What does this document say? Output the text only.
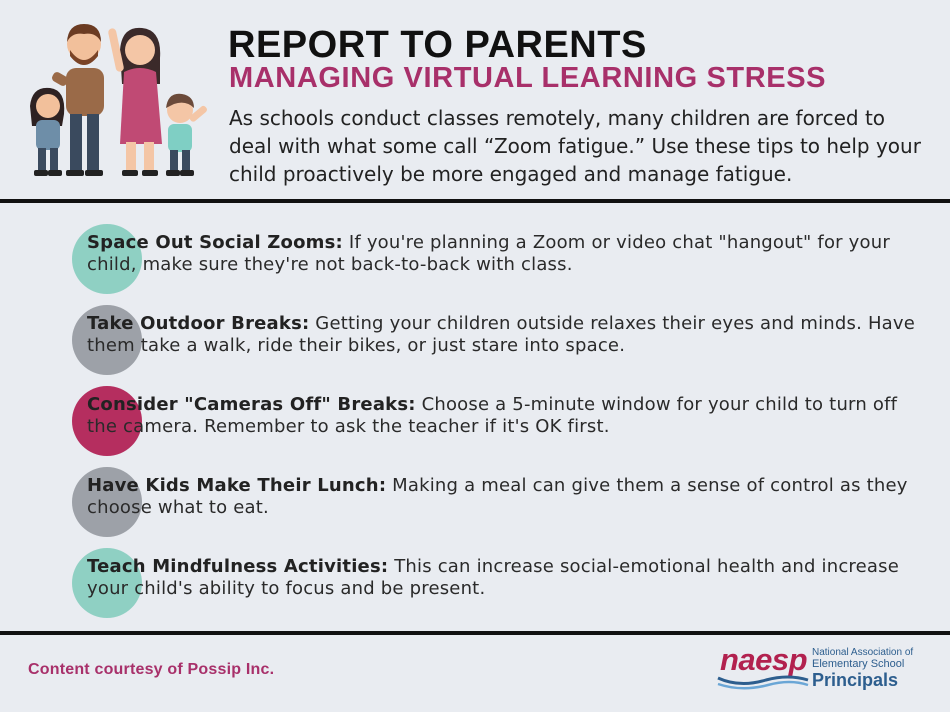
REPORT TO PARENTS
MANAGING VIRTUAL LEARNING STRESS
As schools conduct classes remotely, many children are forced to deal with what some call “Zoom fatigue.” Use these tips to help your child proactively be more engaged and manage fatigue.
Space Out Social Zooms: If you're planning a Zoom or video chat "hangout" for your child, make sure they're not back-to-back with class.
Take Outdoor Breaks: Getting your children outside relaxes their eyes and minds. Have them take a walk, ride their bikes, or just stare into space.
Consider "Cameras Off" Breaks: Choose a 5-minute window for your child to turn off the camera. Remember to ask the teacher if it's OK first.
Have Kids Make Their Lunch: Making a meal can give them a sense of control as they choose what to eat.
Teach Mindfulness Activities: This can increase social-emotional health and increase your child's ability to focus and be present.
Content courtesy of Possip Inc.	naesp National Association of
Elementary School
Principals
